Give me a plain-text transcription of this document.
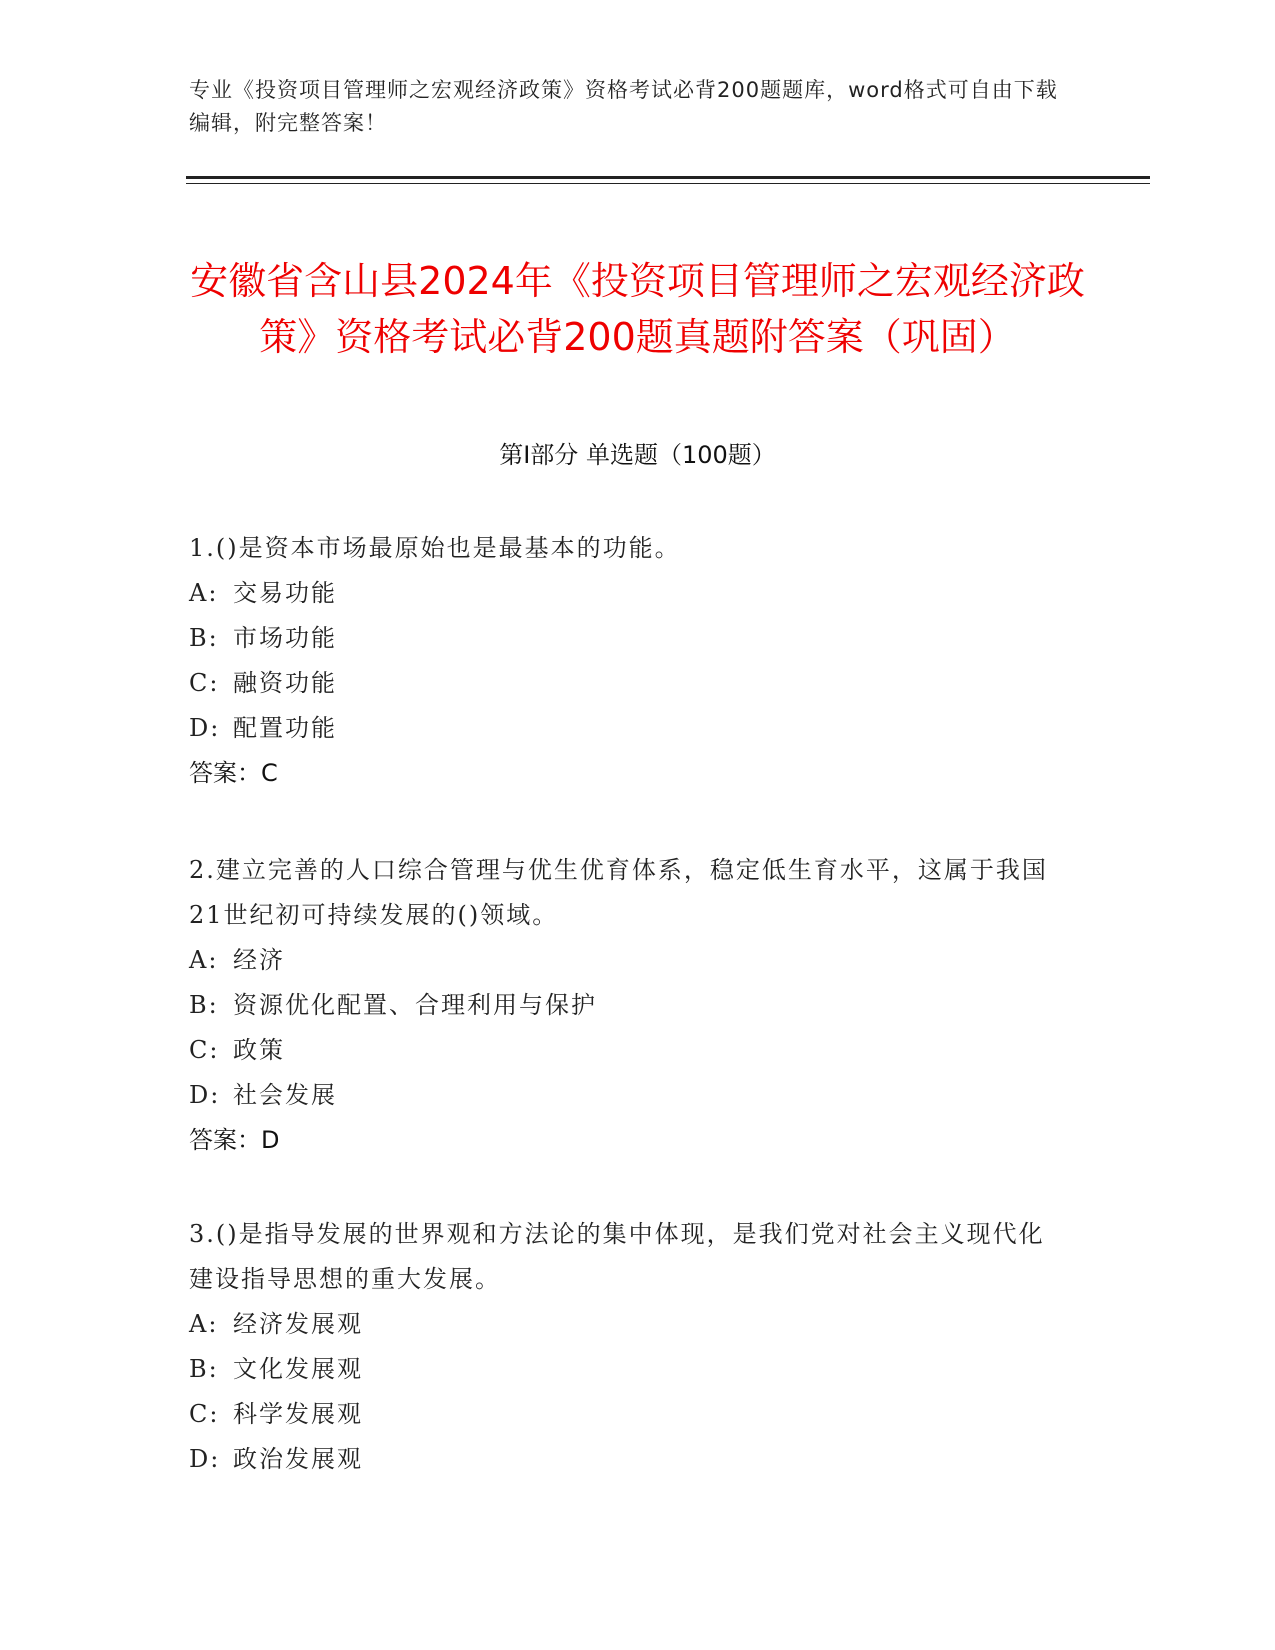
专业《投资项目管理师之宏观经济政策》资格考试必背200题题库，word格式可自由下载编辑，附完整答案！
安徽省含山县2024年《投资项目管理师之宏观经济政策》资格考试必背200题真题附答案（巩固）
第Ⅰ部分 单选题（100题）

1.()是资本市场最原始也是最基本的功能。

A: 交易功能
B: 市场功能
C: 融资功能
D: 配置功能
答案：C

2.建立完善的人口综合管理与优生优育体系，稳定低生育水平，这属于我国21世纪初可持续发展的()领域。

A: 经济
B: 资源优化配置、合理利用与保护
C: 政策
D: 社会发展
答案：D

3.()是指导发展的世界观和方法论的集中体现，是我们党对社会主义现代化建设指导思想的重大发展。

A: 经济发展观
B: 文化发展观
C: 科学发展观
D: 政治发展观
